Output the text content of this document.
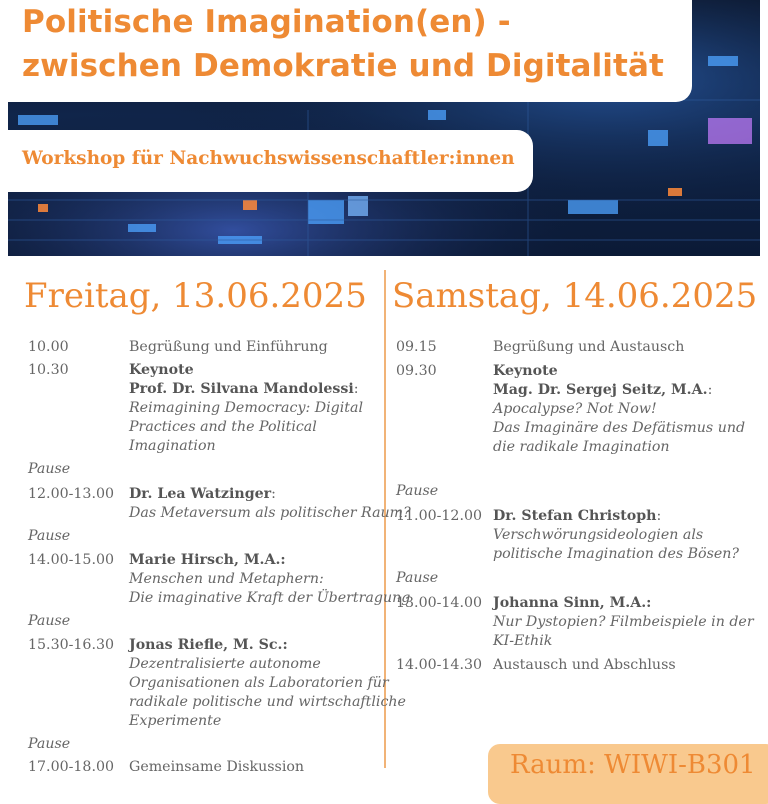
Politische Imagination(en) -
zwischen Demokratie und Digitalität
Workshop für Nachwuchswissenschaftler:innen
Freitag, 13.06.2025 Samstag, 14.06.2025
10.00	Begrüßung und Einführung
10.30	Keynote
Prof. Dr. Silvana Mandolessi:
Reimagining Democracy: Digital
Practices and the Political
Imagination
Pause
12.00-13.00 Dr. Lea Watzinger:
Das Metaversum als politischer Raum?
Pause
14.00-15.00 Marie Hirsch, M.A.:
Menschen und Metaphern:
Die imaginative Kraft der Übertragung
Pause
15.30-16.30 Jonas Riefle, M. Sc.:
Dezentralisierte autonome
Organisationen als Laboratorien für
radikale politische und wirtschaftliche
Experimente
Pause
17.00-18.00 Gemeinsame Diskussion
09.15	Begrüßung und Austausch
09.30	Keynote
Mag. Dr. Sergej Seitz, M.A.:
Apocalypse? Not Now!
Das Imaginäre des Defätismus und
die radikale Imagination
Pause
11.00-12.00 Dr. Stefan Christoph:
Verschwörungsideologien als
politische Imagination des Bösen?
Pause
13.00-14.00 Johanna Sinn, M.A.:
Nur Dystopien? Filmbeispiele in der
KI-Ethik
14.00-14.30 Austausch und Abschluss
Raum: WIWI-B301
